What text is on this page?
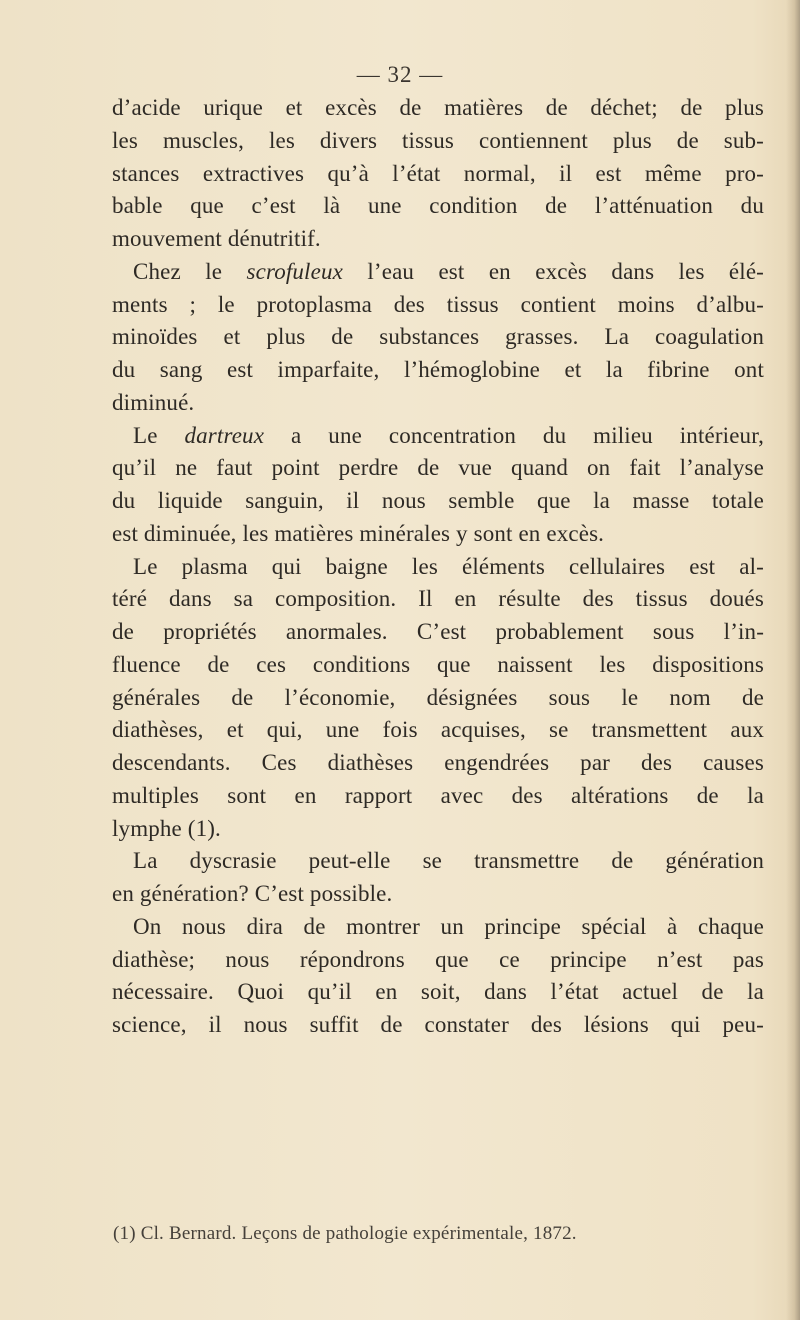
— 32 —
d’acide urique et excès de matières de déchet; de plus
les muscles, les divers tissus contiennent plus de sub-
stances extractives qu’à l’état normal, il est même pro-
bable que c’est là une condition de l’atténuation du
mouvement dénutritif.
Chez le scrofuleux l’eau est en excès dans les élé-
ments ; le protoplasma des tissus contient moins d’albu-
minoïdes et plus de substances grasses. La coagulation
du sang est imparfaite, l’hémoglobine et la fibrine ont
diminué.
Le dartreux a une concentration du milieu intérieur,
qu’il ne faut point perdre de vue quand on fait l’analyse
du liquide sanguin, il nous semble que la masse totale
est diminuée, les matières minérales y sont en excès.
Le plasma qui baigne les éléments cellulaires est al-
téré dans sa composition. Il en résulte des tissus doués
de propriétés anormales. C’est probablement sous l’in-
fluence de ces conditions que naissent les dispositions
générales de l’économie, désignées sous le nom de
diathèses, et qui, une fois acquises, se transmettent aux
descendants. Ces diathèses engendrées par des causes
multiples sont en rapport avec des altérations de la
lymphe (1).
La dyscrasie peut-elle se transmettre de génération
en génération? C’est possible.
On nous dira de montrer un principe spécial à chaque
diathèse; nous répondrons que ce principe n’est pas
nécessaire. Quoi qu’il en soit, dans l’état actuel de la
science, il nous suffit de constater des lésions qui peu-
(1) Cl. Bernard. Leçons de pathologie expérimentale, 1872.
